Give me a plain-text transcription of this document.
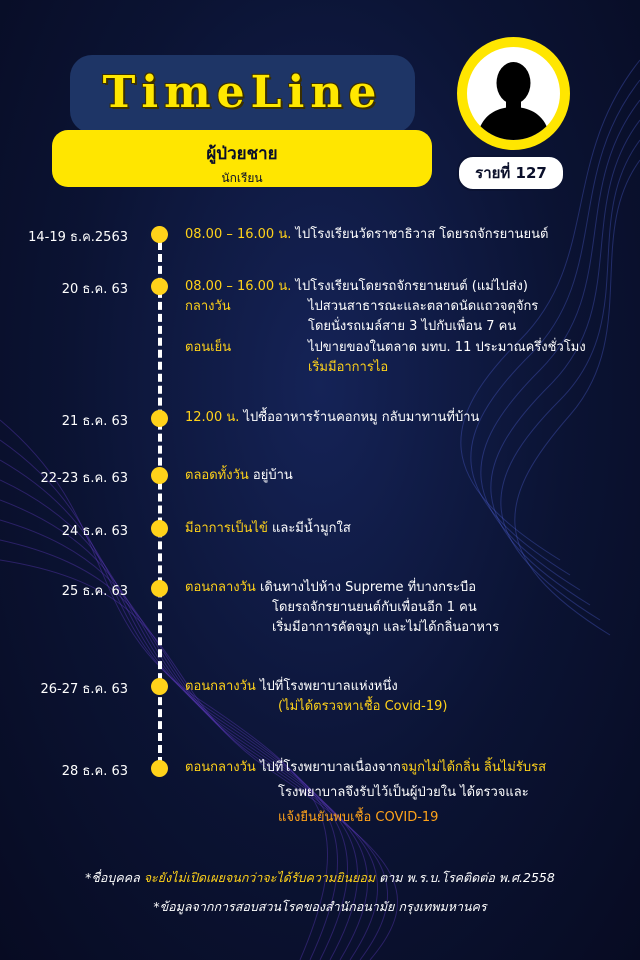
TimeLine
ผู้ป่วยชาย
นักเรียน	รายที่ 127
14-19 ธ.ค.2563	08.00 – 16.00 น. ไปโรงเรียนวัดราชาธิวาส โดยรถจักรยานยนต์
20 ธ.ค. 63	08.00 – 16.00 น. ไปโรงเรียนโดยรถจักรยานยนต์ (แม่ไปส่ง)
กลางวัน	ไปสวนสาธารณะและตลาดนัดแถวจตุจักร
โดยนั่งรถเมล์สาย 3 ไปกับเพื่อน 7 คน
ตอนเย็น	ไปขายของในตลาด มทบ. 11 ประมาณครึ่งชั่วโมง
เริ่มมีอาการไอ
21 ธ.ค. 63	12.00 น. ไปซื้ออาหารร้านคอกหมู กลับมาทานที่บ้าน
22-23 ธ.ค. 63	ตลอดทั้งวัน อยู่บ้าน
24 ธ.ค. 63	มีอาการเป็นไข้ และมีน้ำมูกใส
25 ธ.ค. 63	ตอนกลางวัน เดินทางไปห้าง Supreme ที่บางกระบือ
โดยรถจักรยานยนต์กับเพื่อนอีก 1 คน
เริ่มมีอาการคัดจมูก และไม่ได้กลิ่นอาหาร
26-27 ธ.ค. 63	ตอนกลางวัน ไปที่โรงพยาบาลแห่งหนึ่ง
(ไม่ได้ตรวจหาเชื้อ Covid-19)
28 ธ.ค. 63	ตอนกลางวัน ไปที่โรงพยาบาลเนื่องจากจมูกไม่ได้กลิ่น ลิ้นไม่รับรส
โรงพยาบาลจึงรับไว้เป็นผู้ป่วยใน ได้ตรวจและ
แจ้งยืนยันพบเชื้อ COVID-19
*ชื่อบุคคล จะยังไม่เปิดเผยจนกว่าจะได้รับความยินยอม ตาม พ.ร.บ.โรคติดต่อ พ.ศ.2558
*ข้อมูลจากการสอบสวนโรคของสำนักอนามัย กรุงเทพมหานคร
